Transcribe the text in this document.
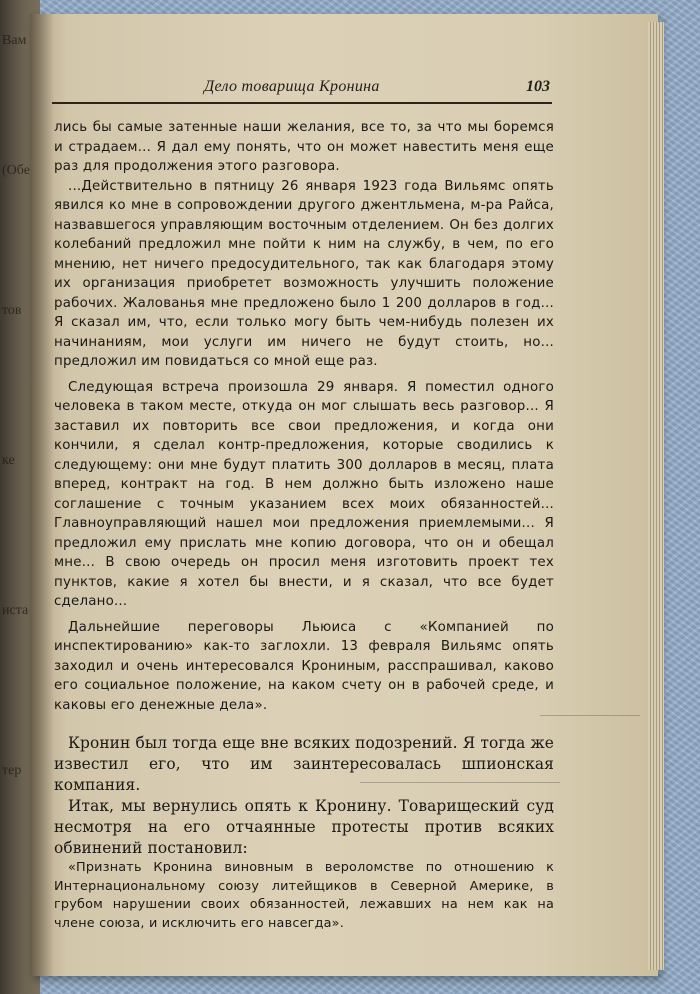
Вам
(Обе
тов
ке
иста
тер
Дело товарища Кронина	103

лись бы самые затенные наши желания, все то, за что мы боремся и страдаем... Я дал ему понять, что он может навестить меня еще раз для продолжения этого разговора.

...Действительно в пятницу 26 января 1923 года Вильямс опять явился ко мне в сопровождении другого джентльмена, м-ра Райса, назвавшегося управляющим восточным отделением. Он без долгих колебаний предложил мне пойти к ним на службу, в чем, по его мнению, нет ничего предосудительного, так как благодаря этому их организация приобретет возможность улучшить положение рабочих. Жалованья мне предложено было 1 200 долларов в год... Я сказал им, что, если только могу быть чем-нибудь полезен их начинаниям, мои услуги им ничего не будут стоить, но... предложил им повидаться со мной еще раз.

Следующая встреча произошла 29 января. Я поместил одного человека в таком месте, откуда он мог слышать весь разговор... Я заставил их повторить все свои предложения, и когда они кончили, я сделал контр-предложения, которые сводились к следующему: они мне будут платить 300 долларов в месяц, плата вперед, контракт на год. В нем должно быть изложено наше соглашение с точным указанием всех моих обязанностей... Главноуправляющий нашел мои предложения приемлемыми... Я предложил ему прислать мне копию договора, что он и обещал мне... В свою очередь он просил меня изготовить проект тех пунктов, какие я хотел бы внести, и я сказал, что все будет сделано...

Дальнейшие переговоры Льюиса с «Компанией по инспектированию» как-то заглохли. 13 февраля Вильямс опять заходил и очень интересовался Крониным, расспрашивал, каково его социальное положение, на каком счету он в рабочей среде, и каковы его денежные дела».

Кронин был тогда еще вне всяких подозрений. Я тогда же известил его, что им заинтересовалась шпионская компания.

Итак, мы вернулись опять к Кронину. Товарищеский суд несмотря на его отчаянные протесты против всяких обвинений постановил:

«Признать Кронина виновным в вероломстве по отношению к Интернациональному союзу литейщиков в Северной Америке, в грубом нарушении своих обязанностей, лежавших на нем как на члене союза, и исключить его навсегда».
